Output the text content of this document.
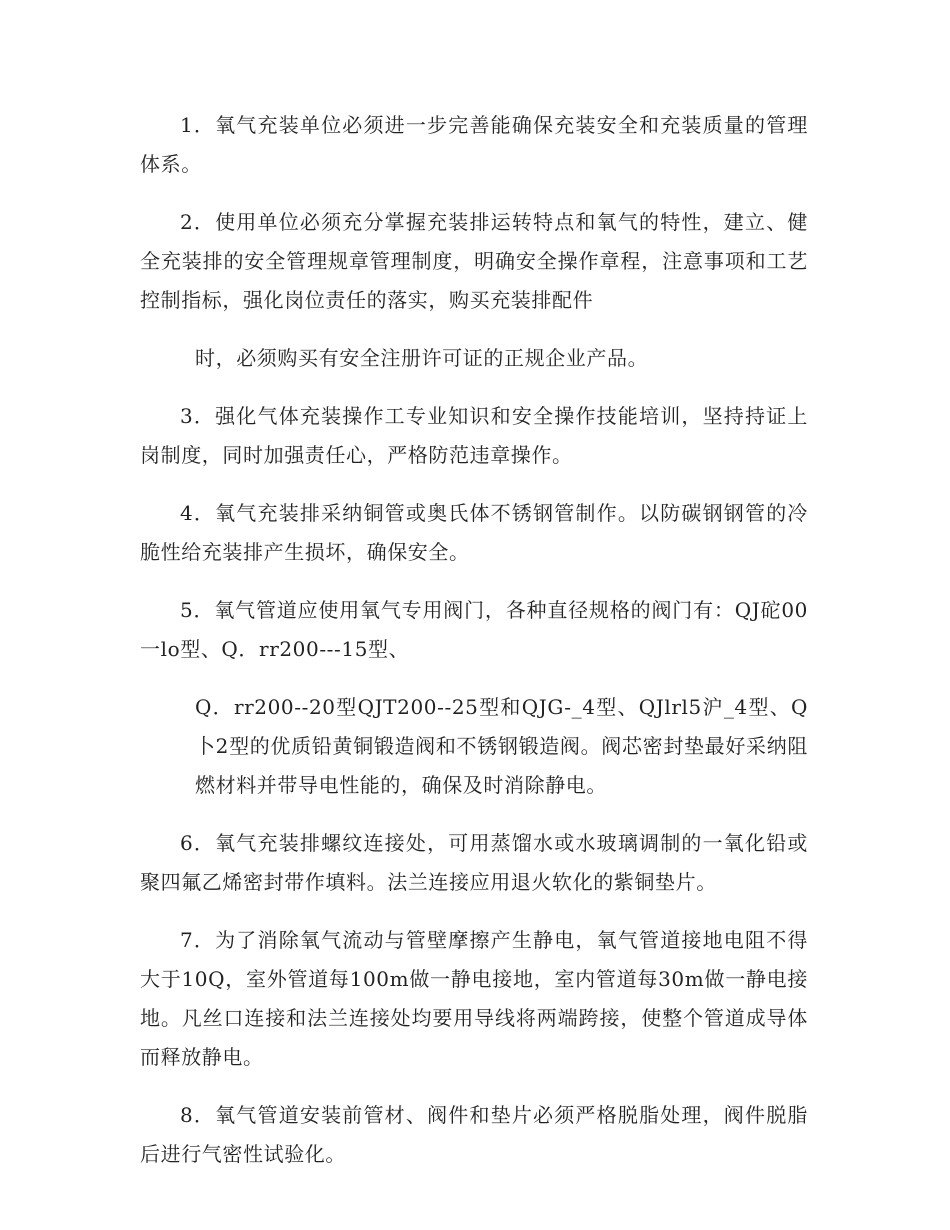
1．氧气充装单位必须进一步完善能确保充装安全和充装质量的管理体系。

2．使用单位必须充分掌握充装排运转特点和氧气的特性，建立、健全充装排的安全管理规章管理制度，明确安全操作章程，注意事项和工艺控制指标，强化岗位责任的落实，购买充装排配件

时，必须购买有安全注册许可证的正规企业产品。

3．强化气体充装操作工专业知识和安全操作技能培训，坚持持证上岗制度，同时加强责任心，严格防范违章操作。

4．氧气充装排采纳铜管或奥氏体不锈钢管制作。以防碳钢钢管的冷脆性给充装排产生损坏，确保安全。

5．氧气管道应使用氧气专用阀门，各种直径规格的阀门有：QJ砣00一lo型、Q．rr200---15型、

Q．rr200--20型QJT200--25型和QJG-_4型、QJlrl5沪_4型、Q卜2型的优质铅黄铜锻造阀和不锈钢锻造阀。阀芯密封垫最好采纳阻燃材料并带导电性能的，确保及时消除静电。

6．氧气充装排螺纹连接处，可用蒸馏水或水玻璃调制的一氧化铅或聚四氟乙烯密封带作填料。法兰连接应用退火软化的紫铜垫片。

7．为了消除氧气流动与管壁摩擦产生静电，氧气管道接地电阻不得大于10Q，室外管道每100m做一静电接地，室内管道每30m做一静电接地。凡丝口连接和法兰连接处均要用导线将两端跨接，使整个管道成导体而释放静电。

8．氧气管道安装前管材、阀件和垫片必须严格脱脂处理，阀件脱脂后进行气密性试验化。
